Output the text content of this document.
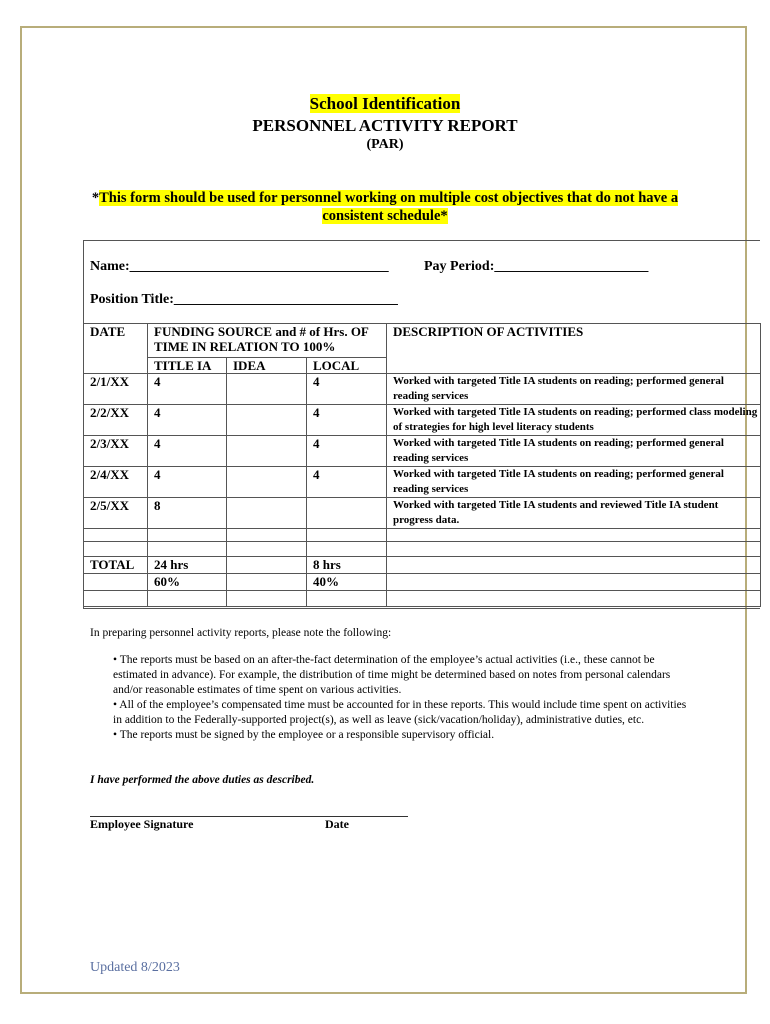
School Identification
PERSONNEL ACTIVITY REPORT
(PAR)
*This form should be used for personnel working on multiple cost objectives that do not have a consistent schedule*
Name:_____________________________________	Pay Period:______________________
Position Title:________________________________
DATE	FUNDING SOURCE and # of Hrs. OF TIME IN RELATION TO 100%			DESCRIPTION OF ACTIVITIES
	TITLE IA	IDEA	LOCAL	
2/1/XX	4		4	Worked with targeted Title IA students on reading; performed general reading services
2/2/XX	4		4	Worked with targeted Title IA students on reading; performed class modeling of strategies for high level literacy students
2/3/XX	4		4	Worked with targeted Title IA students on reading; performed general reading services
2/4/XX	4		4	Worked with targeted Title IA students on reading; performed general reading services
2/5/XX	8			Worked with targeted Title IA students and reviewed Title IA student progress data.

TOTAL	24 hrs		8 hrs	
	60%		40%	

In preparing personnel activity reports, please note the following:

• The reports must be based on an after-the-fact determination of the employee’s actual activities (i.e., these cannot be estimated in advance). For example, the distribution of time might be determined based on notes from personal calendars and/or reasonable estimates of time spent on various activities.
• All of the employee’s compensated time must be accounted for in these reports. This would include time spent on activities in addition to the Federally-supported project(s), as well as leave (sick/vacation/holiday), administrative duties, etc.
• The reports must be signed by the employee or a responsible supervisory official.
I have performed the above duties as described.
Employee Signature	Date
Updated 8/2023
